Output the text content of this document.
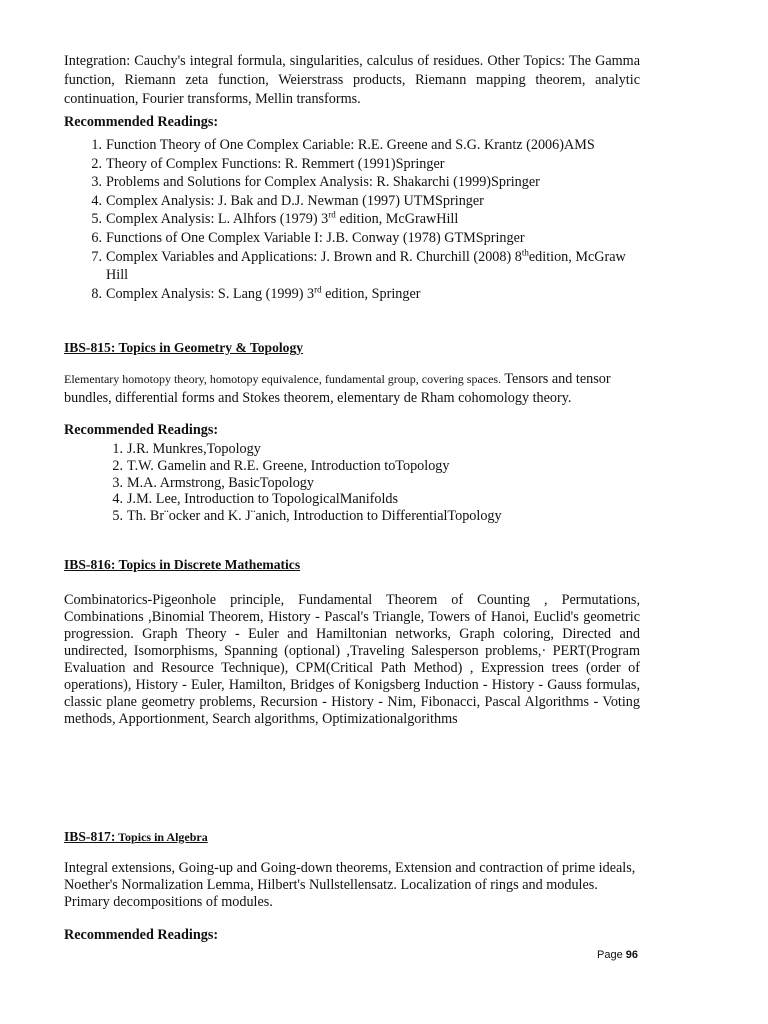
Integration: Cauchy's integral formula, singularities, calculus of residues. Other Topics: The Gamma function, Riemann zeta function, Weierstrass products, Riemann mapping theorem, analytic continuation, Fourier transforms, Mellin transforms.
Recommended Readings:
1. Function Theory of One Complex Cariable: R.E. Greene and S.G. Krantz (2006)AMS
2. Theory of Complex Functions: R. Remmert (1991)Springer
3. Problems and Solutions for Complex Analysis: R. Shakarchi (1999)Springer
4. Complex Analysis: J. Bak and D.J. Newman (1997) UTMSpringer
5. Complex Analysis: L. Alhfors (1979) 3rd edition, McGrawHill
6. Functions of One Complex Variable I: J.B. Conway (1978) GTMSpringer
7. Complex Variables and Applications: J. Brown and R. Churchill (2008) 8thedition, McGraw Hill
8. Complex Analysis: S. Lang (1999) 3rd edition, Springer
IBS-815: Topics in Geometry & Topology
Elementary homotopy theory, homotopy equivalence, fundamental group, covering spaces. Tensors and tensor bundles, differential forms and Stokes theorem, elementary de Rham cohomology theory.
Recommended Readings:
1. J.R. Munkres,Topology
2. T.W. Gamelin and R.E. Greene, Introduction toTopology
3. M.A. Armstrong, BasicTopology
4. J.M. Lee, Introduction to TopologicalManifolds
5. Th. Br¨ocker and K. J¨anich, Introduction to DifferentialTopology
IBS-816: Topics in Discrete Mathematics
Combinatorics-Pigeonhole principle, Fundamental Theorem of Counting , Permutations, Combinations ,Binomial Theorem, History - Pascal's Triangle, Towers of Hanoi, Euclid's geometric progression. Graph Theory - Euler and Hamiltonian networks, Graph coloring, Directed and undirected, Isomorphisms, Spanning (optional) ,Traveling Salesperson problems,· PERT(Program Evaluation and Resource Technique), CPM(Critical Path Method) , Expression trees (order of operations), History - Euler, Hamilton, Bridges of Konigsberg Induction - History - Gauss formulas, classic plane geometry problems, Recursion - History - Nim, Fibonacci, Pascal Algorithms - Voting methods, Apportionment, Search algorithms, Optimizationalgorithms
IBS-817: Topics in Algebra
Integral extensions, Going-up and Going-down theorems, Extension and contraction of prime ideals, Noether's Normalization Lemma, Hilbert's Nullstellensatz. Localization of rings and modules. Primary decompositions of modules.
Recommended Readings:
Page 96
